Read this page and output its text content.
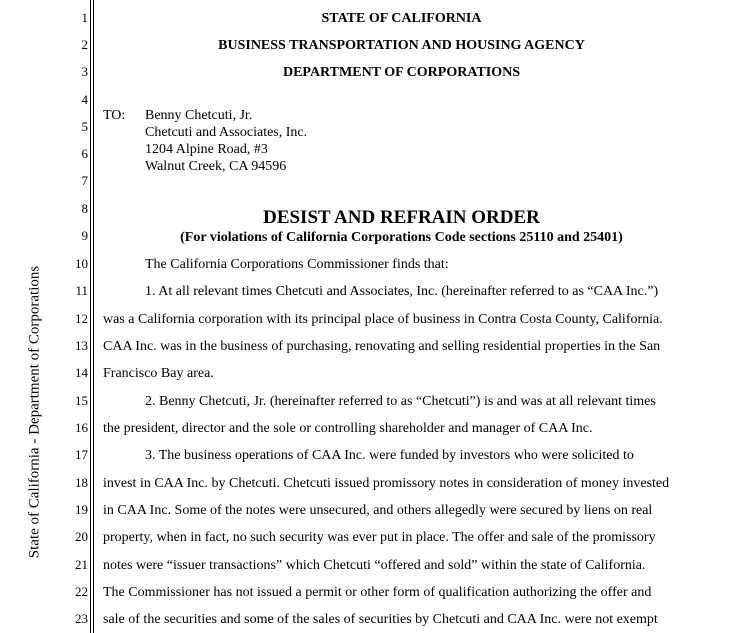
State of California - Department of Corporations
1
2
3
4
5
6
7
8
9
10
11
12
13
14
15
16
17
18
19
20
21
22
23
STATE OF CALIFORNIA
BUSINESS TRANSPORTATION AND HOUSING AGENCY
DEPARTMENT OF CORPORATIONS
TO:	Benny Chetcuti, Jr.
Chetcuti and Associates, Inc.
1204 Alpine Road, #3
Walnut Creek, CA 94596
DESIST AND REFRAIN ORDER
(For violations of California Corporations Code sections 25110 and 25401)
The California Corporations Commissioner finds that:
1. At all relevant times Chetcuti and Associates, Inc. (hereinafter referred to as “CAA Inc.”)
was a California corporation with its principal place of business in Contra Costa County, California.
CAA Inc. was in the business of purchasing, renovating and selling residential properties in the San
Francisco Bay area.
2. Benny Chetcuti, Jr. (hereinafter referred to as “Chetcuti”) is and was at all relevant times
the president, director and the sole or controlling shareholder and manager of CAA Inc.
3. The business operations of CAA Inc. were funded by investors who were solicited to
invest in CAA Inc. by Chetcuti. Chetcuti issued promissory notes in consideration of money invested
in CAA Inc. Some of the notes were unsecured, and others allegedly were secured by liens on real
property, when in fact, no such security was ever put in place. The offer and sale of the promissory
notes were “issuer transactions” which Chetcuti “offered and sold” within the state of California.
The Commissioner has not issued a permit or other form of qualification authorizing the offer and
sale of the securities and some of the sales of securities by Chetcuti and CAA Inc. were not exempt
